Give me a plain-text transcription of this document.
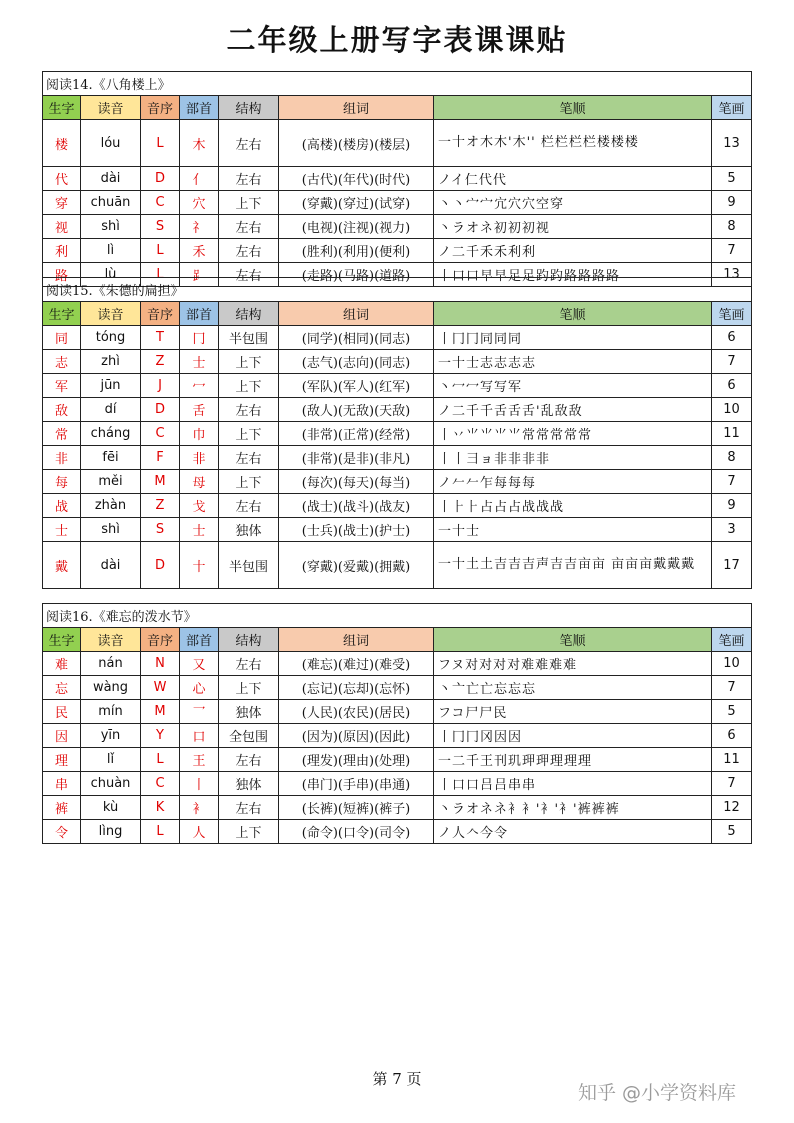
二年级上册写字表课课贴
阅读14.《八角楼上》							
生字	读音	音序	部首	结构	组词	笔顺	笔画
楼	lóu	L	木	左右	(高楼)(楼房)(楼层)	一十オ木木'木'' 栏栏栏栏楼楼楼	13
代	dài	D	亻	左右	(古代)(年代)(时代)	ノイ仁代代	5
穿	chuān	C	穴	上下	(穿戴)(穿过)(试穿)	丶丶宀宀宂穴穴空穿	9
视	shì	S	礻	左右	(电视)(注视)(视力)	丶ラオネ初初初视	8
利	lì	L	禾	左右	(胜利)(利用)(便利)	ノ二千禾禾利利	7
路	lù	L	⻊	左右	(走路)(马路)(道路)	丨口口早早足足趵趵路路路路	13
阅读15.《朱德的扁担》							
生字	读音	音序	部首	结构	组词	笔顺	笔画
同	tóng	T	冂	半包围	(同学)(相同)(同志)	丨冂冂同同同	6
志	zhì	Z	士	上下	(志气)(志向)(同志)	一十士志志志志	7
军	jūn	J	冖	上下	(军队)(军人)(红军)	丶冖冖写写军	6
敌	dí	D	舌	左右	(敌人)(无敌)(天敌)	ノ二千千舌舌舌'乱敌敌	10
常	cháng	C	巾	上下	(非常)(正常)(经常)	丨丷⺌⺌⺌⺌常常常常常	11
非	fēi	F	非	左右	(非常)(是非)(非凡)	丨丨彐ョ非非非非	8
每	měi	M	母	上下	(每次)(每天)(每当)	ノ𠂉𠂉乍每每每	7
战	zhàn	Z	戈	左右	(战士)(战斗)(战友)	丨⺊⺊占占占战战战	9
士	shì	S	士	独体	(士兵)(战士)(护士)	一十士	3
戴	dài	D	十	半包围	(穿戴)(爱戴)(拥戴)	一十土土吉吉吉声吉吉亩亩 亩亩亩戴戴戴	17
阅读16.《难忘的泼水节》							
生字	读音	音序	部首	结构	组词	笔顺	笔画
难	nán	N	又	左右	(难忘)(难过)(难受)	フヌ对对对对难难难难	10
忘	wàng	W	心	上下	(忘记)(忘却)(忘怀)	丶亠亡亡忘忘忘	7
民	mín	M	乛	独体	(人民)(农民)(居民)	フコ尸尸民	5
因	yīn	Y	口	全包围	(因为)(原因)(因此)	丨冂冂冈因因	6
理	lǐ	L	王	左右	(理发)(理由)(处理)	一二千王刊玑玾玾理理理	11
串	chuàn	C	丨	独体	(串门)(手串)(串通)	丨口口吕吕串串	7
裤	kù	K	衤	左右	(长裤)(短裤)(裤子)	丶ラオネネ衤衤'衤'衤'裤裤裤	12
令	lìng	L	人	上下	(命令)(口令)(司令)	ノ人𠆢今令	5
第 7 页
知乎 @小学资料库
